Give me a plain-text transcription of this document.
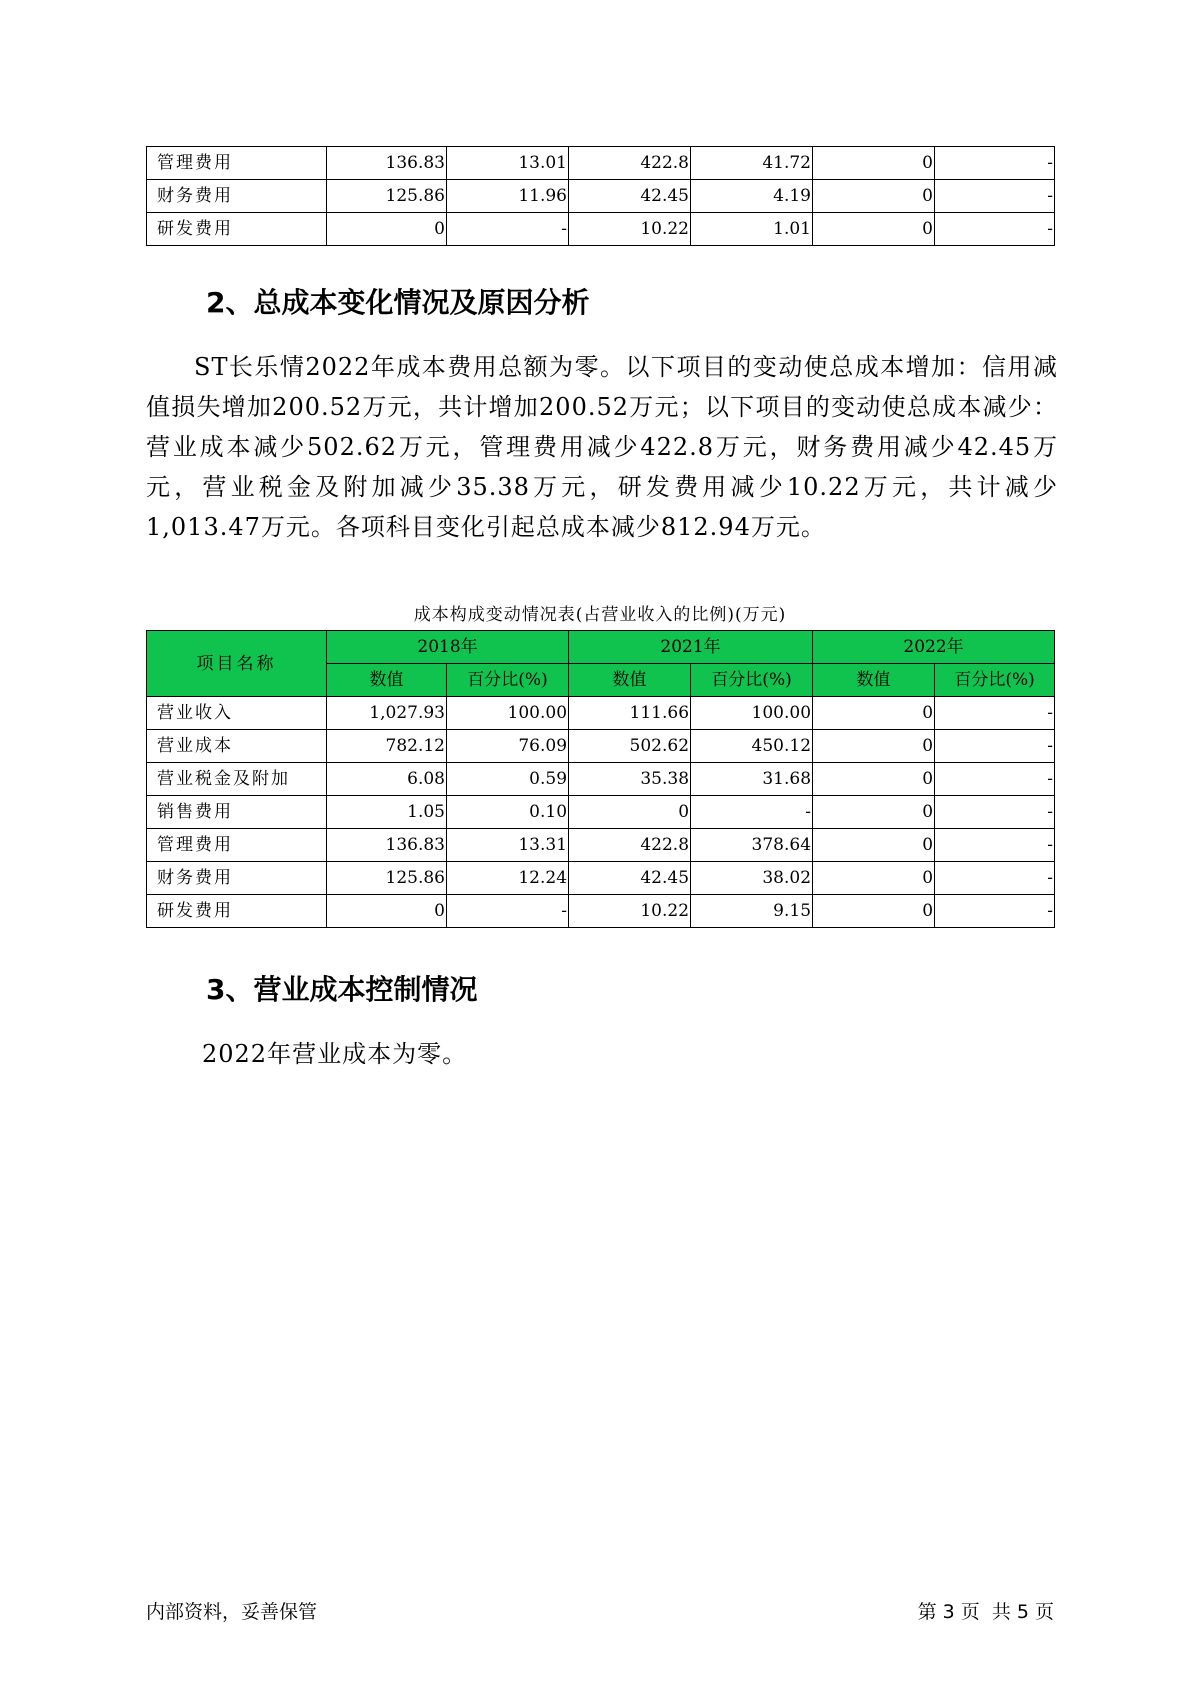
管理费用	136.83	13.01	422.8	41.72	0	-
财务费用	125.86	11.96	42.45	4.19	0	-
研发费用	0	-	10.22	1.01	0	-
2、总成本变化情况及原因分析
ST长乐情2022年成本费用总额为零。以下项目的变动使总成本增加：信用减值损失增加200.52万元，共计增加200.52万元；以下项目的变动使总成本减少：营业成本减少502.62万元，管理费用减少422.8万元，财务费用减少42.45万元，营业税金及附加减少35.38万元，研发费用减少10.22万元，共计减少1,013.47万元。各项科目变化引起总成本减少812.94万元。
成本构成变动情况表(占营业收入的比例)(万元)
项目名称	2018年		2021年		2022年	
	数值	百分比(%)	数值	百分比(%)	数值	百分比(%)
营业收入	1,027.93	100.00	111.66	100.00	0	-
营业成本	782.12	76.09	502.62	450.12	0	-
营业税金及附加	6.08	0.59	35.38	31.68	0	-
销售费用	1.05	0.10	0	-	0	-
管理费用	136.83	13.31	422.8	378.64	0	-
财务费用	125.86	12.24	42.45	38.02	0	-
研发费用	0	-	10.22	9.15	0	-
3、营业成本控制情况
2022年营业成本为零。
内部资料，妥善保管	第 3 页  共 5 页
